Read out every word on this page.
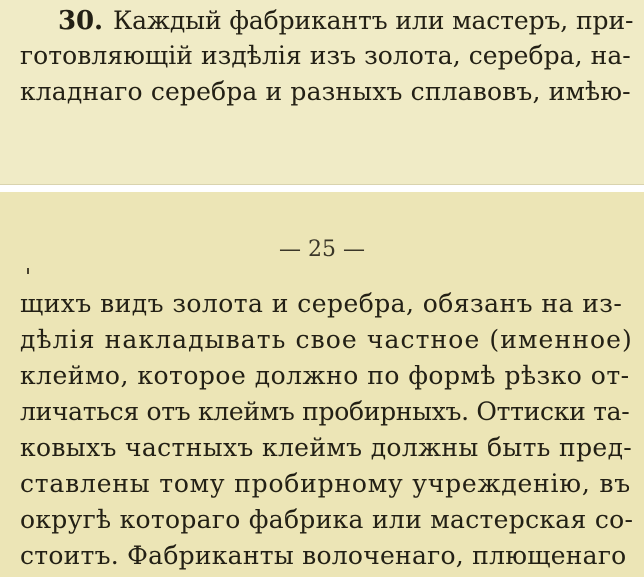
30. Каждый фабрикантъ или мастеръ, при-
готовляющій издѣлія изъ золота, серебра, на-
кладнаго серебра и разныхъ сплавовъ, имѣю-
— 25 —
щихъ видъ золота и серебра, обязанъ на из-
дѣлія накладывать свое частное (именное)
клеймо, которое должно по формѣ рѣзко от-
личаться отъ клеймъ пробирныхъ. Оттиски та-
ковыхъ частныхъ клеймъ должны быть пред-
ставлены тому пробирному учрежденію, въ
округѣ котораго фабрика или мастерская со-
стоитъ. Фабриканты волоченаго, плющенаго
